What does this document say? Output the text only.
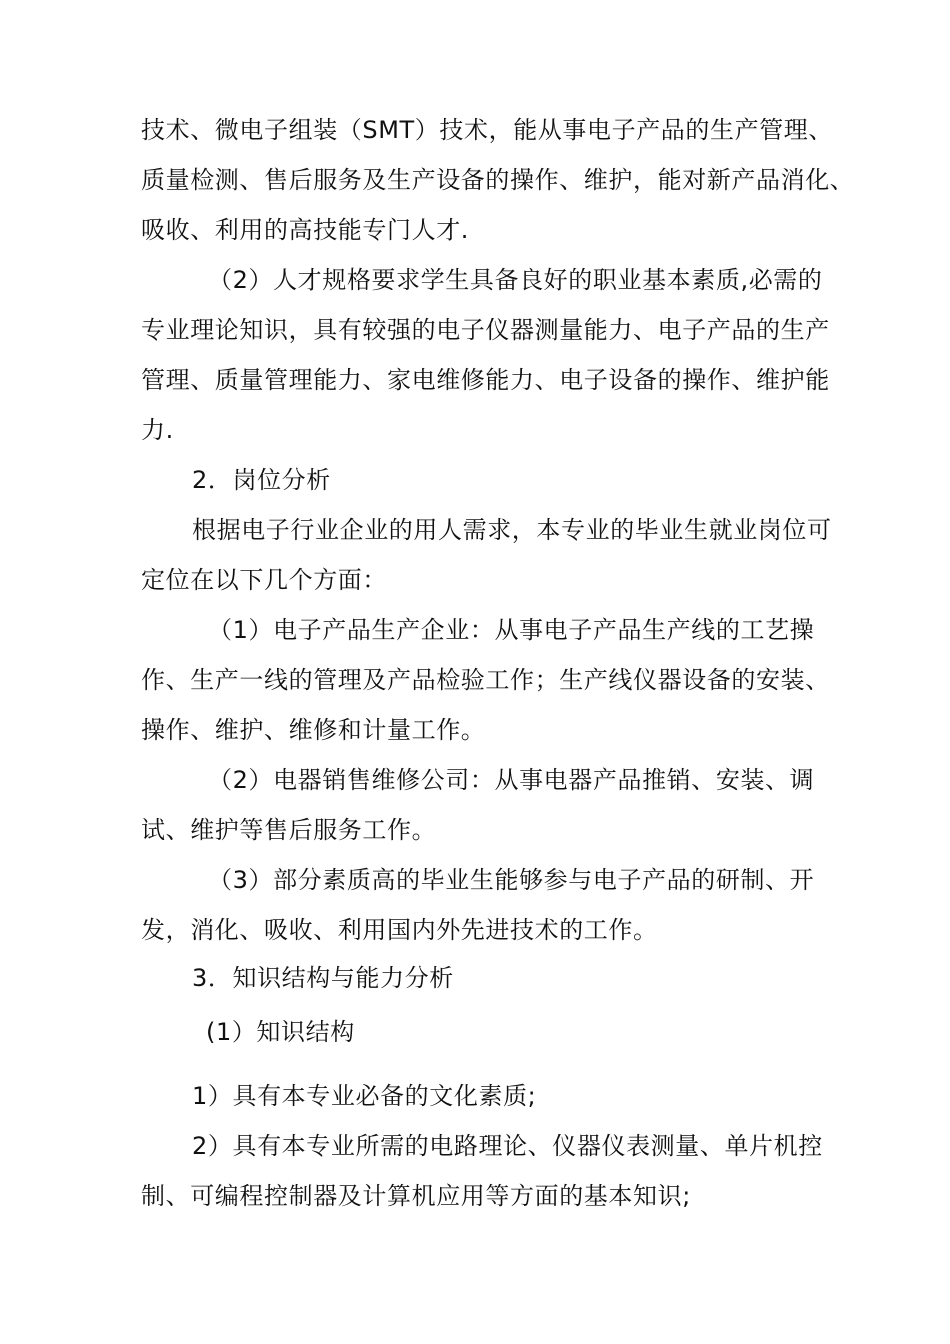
技术、微电子组装（SMT）技术，能从事电子产品的生产管理、
质量检测、售后服务及生产设备的操作、维护，能对新产品消化、
吸收、利用的高技能专门人才.
（2）人才规格要求学生具备良好的职业基本素质,必需的
专业理论知识，具有较强的电子仪器测量能力、电子产品的生产
管理、质量管理能力、家电维修能力、电子设备的操作、维护能
力.
2．岗位分析
根据电子行业企业的用人需求，本专业的毕业生就业岗位可
定位在以下几个方面：
（1）电子产品生产企业：从事电子产品生产线的工艺操
作、生产一线的管理及产品检验工作；生产线仪器设备的安装、
操作、维护、维修和计量工作。
（2）电器销售维修公司：从事电器产品推销、安装、调
试、维护等售后服务工作。
（3）部分素质高的毕业生能够参与电子产品的研制、开
发，消化、吸收、利用国内外先进技术的工作。
3．知识结构与能力分析
(1）知识结构
1）具有本专业必备的文化素质;
2）具有本专业所需的电路理论、仪器仪表测量、单片机控
制、可编程控制器及计算机应用等方面的基本知识;
